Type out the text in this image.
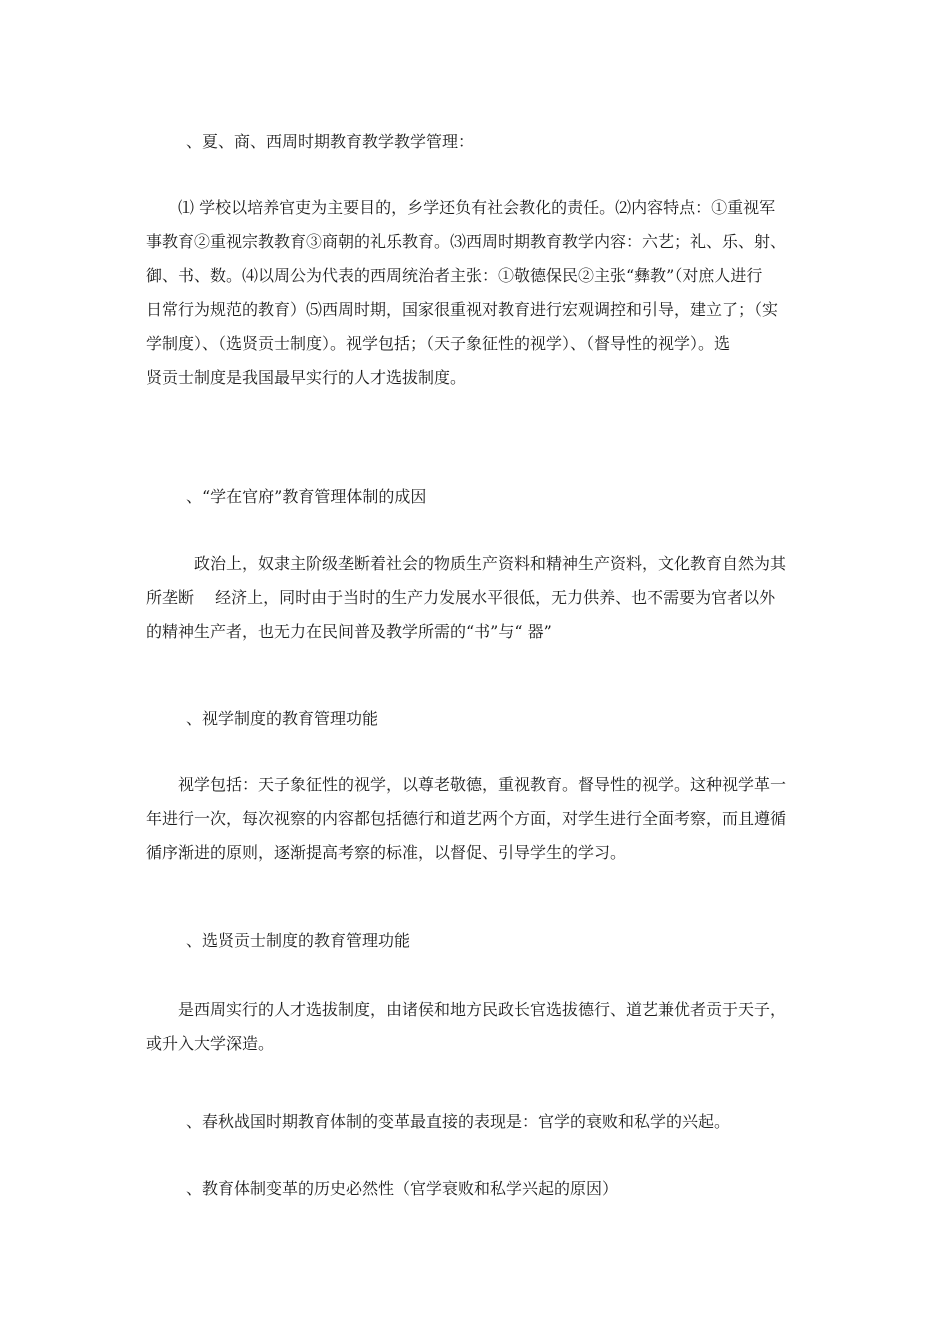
、夏、商、西周时期教育教学教学管理：

⑴ 学校以培养官吏为主要目的，乡学还负有社会教化的责任。⑵内容特点：①重视军
事教育②重视宗教教育③商朝的礼乐教育。⑶西周时期教育教学内容：六艺；礼、乐、射、
御、书、数。⑷以周公为代表的西周统治者主张：①敬德保民②主张“彝教”（对庶人进行
日常行为规范的教育）⑸西周时期，国家很重视对教育进行宏观调控和引导，建立了；（实
学制度）、（选贤贡士制度）。视学包括；（天子象征性的视学）、（督导性的视学）。选
贤贡士制度是我国最早实行的人才选拔制度。

、“学在官府”教育管理体制的成因

政治上，奴隶主阶级垄断着社会的物质生产资料和精神生产资料，文化教育自然为其
所垄断　 经济上，同时由于当时的生产力发展水平很低，无力供养、也不需要为官者以外
的精神生产者，也无力在民间普及教学所需的“书”与“ 器”

、视学制度的教育管理功能

视学包括：天子象征性的视学，以尊老敬德，重视教育。督导性的视学。这种视学革一
年进行一次，每次视察的内容都包括德行和道艺两个方面，对学生进行全面考察，而且遵循
循序渐进的原则，逐渐提高考察的标准，以督促、引导学生的学习。

、选贤贡士制度的教育管理功能

是西周实行的人才选拔制度，由诸侯和地方民政长官选拔德行、道艺兼优者贡于天子，
或升入大学深造。

、春秋战国时期教育体制的变革最直接的表现是：官学的衰败和私学的兴起。

、教育体制变革的历史必然性（官学衰败和私学兴起的原因）
